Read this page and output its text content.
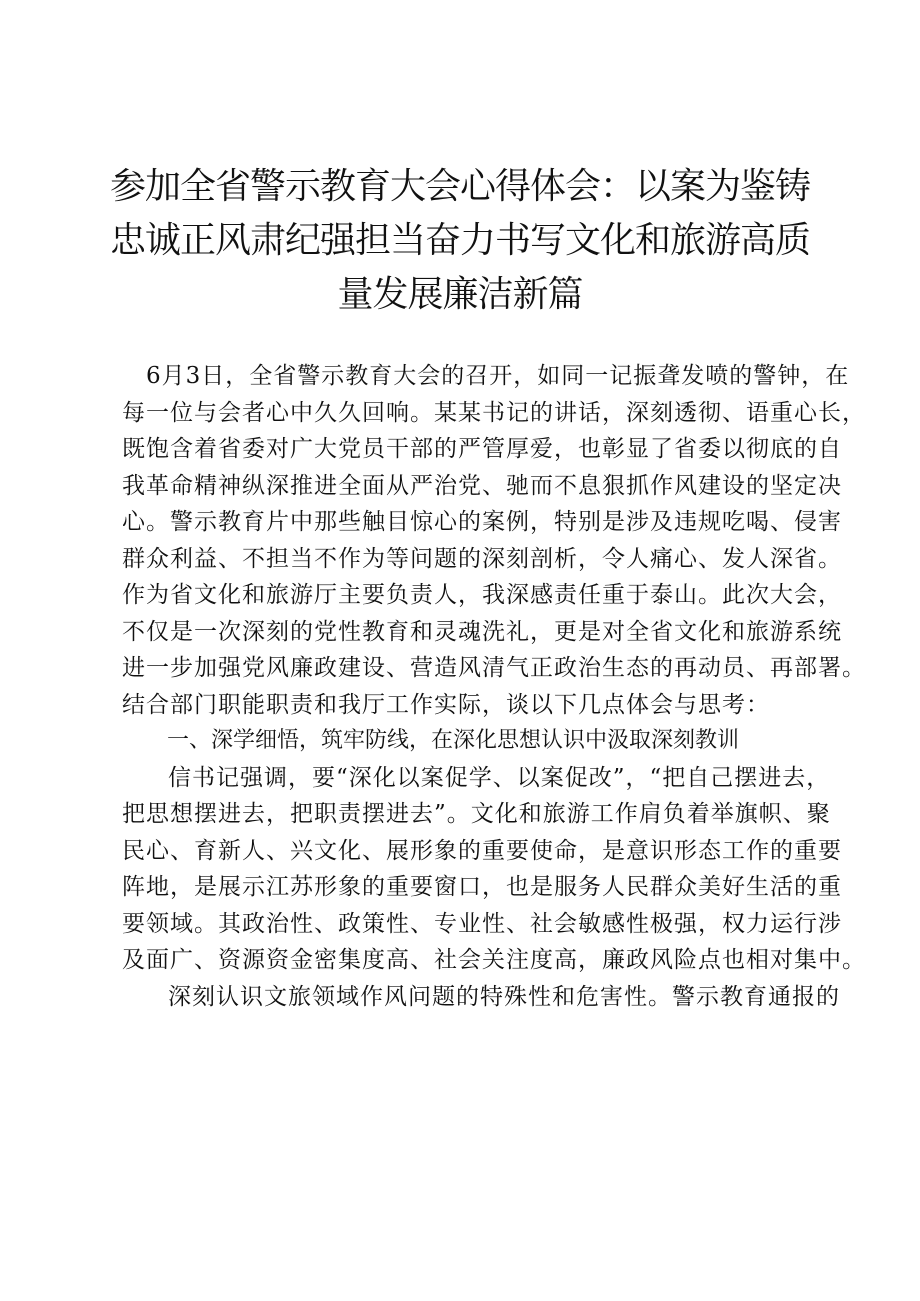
参加全省警示教育大会心得体会：以案为鉴铸
忠诚正风肃纪强担当奋力书写文化和旅游高质
量发展廉洁新篇
6月3日，全省警示教育大会的召开，如同一记振聋发喷的警钟，在
每一位与会者心中久久回响。某某书记的讲话，深刻透彻、语重心长，
既饱含着省委对广大党员干部的严管厚爱，也彰显了省委以彻底的自
我革命精神纵深推进全面从严治党、驰而不息狠抓作风建设的坚定决
心。警示教育片中那些触目惊心的案例，特别是涉及违规吃喝、侵害
群众利益、不担当不作为等问题的深刻剖析，令人痛心、发人深省。
作为省文化和旅游厅主要负责人，我深感责任重于泰山。此次大会，
不仅是一次深刻的党性教育和灵魂洗礼，更是对全省文化和旅游系统
进一步加强党风廉政建设、营造风清气正政治生态的再动员、再部署。
结合部门职能职责和我厅工作实际，谈以下几点体会与思考：
一、深学细悟，筑牢防线，在深化思想认识中汲取深刻教训
信书记强调，要“深化以案促学、以案促改”，“把自己摆进去，
把思想摆进去，把职责摆进去”。文化和旅游工作肩负着举旗帜、聚
民心、育新人、兴文化、展形象的重要使命，是意识形态工作的重要
阵地，是展示江苏形象的重要窗口，也是服务人民群众美好生活的重
要领域。其政治性、政策性、专业性、社会敏感性极强，权力运行涉
及面广、资源资金密集度高、社会关注度高，廉政风险点也相对集中。
深刻认识文旅领域作风问题的特殊性和危害性。警示教育通报的
